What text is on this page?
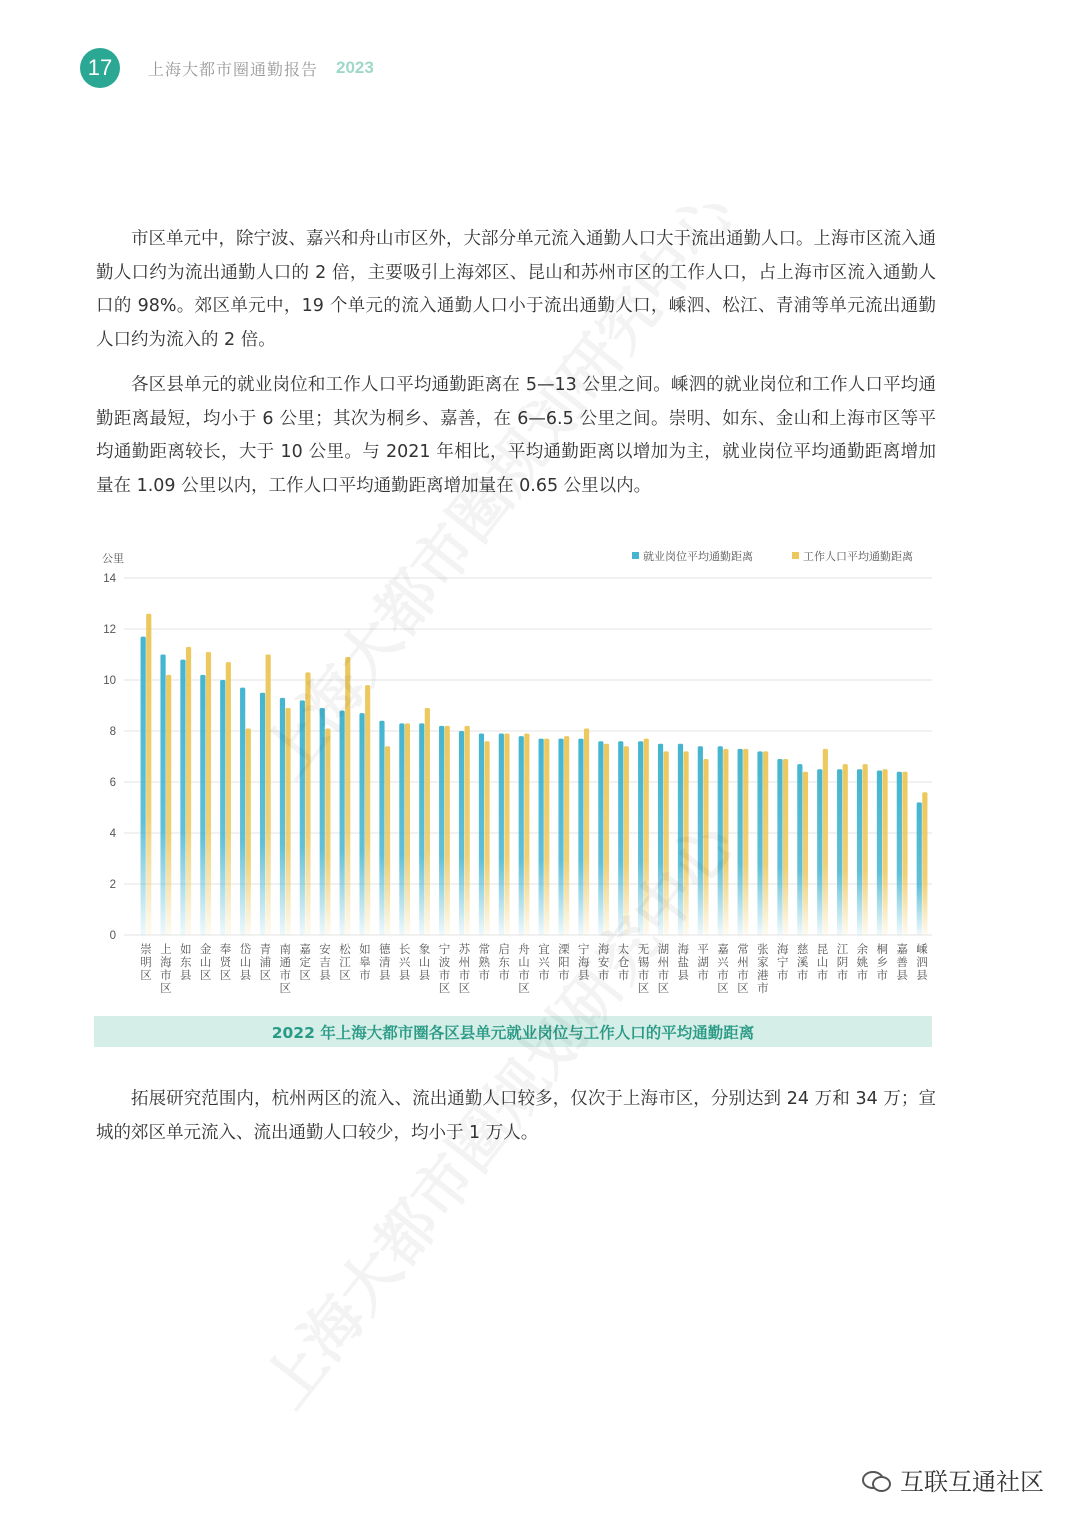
17	上海大都市圈通勤报告 2023

市区单元中，除宁波、嘉兴和舟山市区外，大部分单元流入通勤人口大于流出通勤人口。上海市区流入通勤人口约为流出通勤人口的 2 倍，主要吸引上海郊区、昆山和苏州市区的工作人口，占上海市区流入通勤人口的 98%。郊区单元中，19 个单元的流入通勤人口小于流出通勤人口，嵊泗、松江、青浦等单元流出通勤人口约为流入的 2 倍。

各区县单元的就业岗位和工作人口平均通勤距离在 5—13 公里之间。嵊泗的就业岗位和工作人口平均通勤距离最短，均小于 6 公里；其次为桐乡、嘉善，在 6—6.5 公里之间。崇明、如东、金山和上海市区等平均通勤距离较长，大于 10 公里。与 2021 年相比，平均通勤距离以增加为主，就业岗位平均通勤距离增加量在 1.09 公里以内，工作人口平均通勤距离增加量在 0.65 公里以内。

公里
0
2
4
6
8
10
12
14
崇明区
上海市区
如东县
金山区
奉贤区
岱山县
青浦区
南通市区
嘉定区
安吉县
松江区
如皋市
德清县
长兴县
象山县
宁波市区
苏州市区
常熟市
启东市
舟山市区
宜兴市
溧阳市
宁海县
海安市
太仓市
无锡市区
湖州市区
海盐县
平湖市
嘉兴市区
常州市区
张家港市
海宁市
慈溪市
昆山市
江阴市
余姚市
桐乡市
嘉善县
嵊泗县
就业岗位平均通勤距离	工作人口平均通勤距离
2022 年上海大都市圈各区县单元就业岗位与工作人口的平均通勤距离

拓展研究范围内，杭州两区的流入、流出通勤人口较多，仅次于上海市区，分别达到 24 万和 34 万；宣城的郊区单元流入、流出通勤人口较少，均小于 1 万人。

互联互通社区
